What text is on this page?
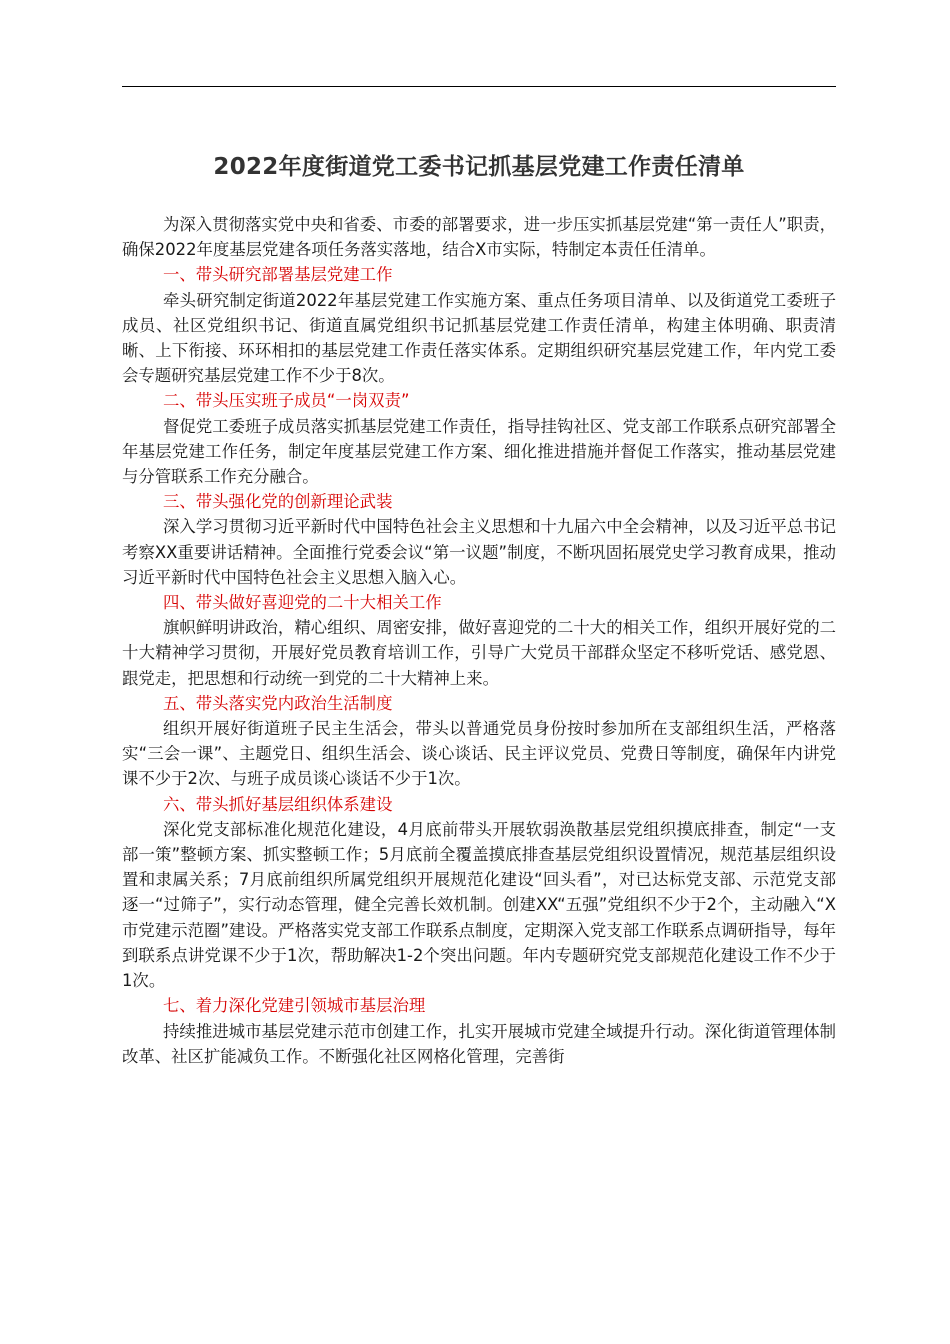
2022年度街道党工委书记抓基层党建工作责任清单

为深入贯彻落实党中央和省委、市委的部署要求，进一步压实抓基层党建“第一责任人”职责，确保2022年度基层党建各项任务落实落地，结合X市实际，特制定本责任任清单。

一、带头研究部署基层党建工作

牵头研究制定街道2022年基层党建工作实施方案、重点任务项目清单、以及街道党工委班子成员、社区党组织书记、街道直属党组织书记抓基层党建工作责任清单，构建主体明确、职责清晰、上下衔接、环环相扣的基层党建工作责任落实体系。定期组织研究基层党建工作，年内党工委会专题研究基层党建工作不少于8次。

二、带头压实班子成员“一岗双责”

督促党工委班子成员落实抓基层党建工作责任，指导挂钩社区、党支部工作联系点研究部署全年基层党建工作任务，制定年度基层党建工作方案、细化推进措施并督促工作落实，推动基层党建与分管联系工作充分融合。

三、带头强化党的创新理论武装

深入学习贯彻习近平新时代中国特色社会主义思想和十九届六中全会精神，以及习近平总书记考察XX重要讲话精神。全面推行党委会议“第一议题”制度，不断巩固拓展党史学习教育成果，推动习近平新时代中国特色社会主义思想入脑入心。

四、带头做好喜迎党的二十大相关工作

旗帜鲜明讲政治，精心组织、周密安排，做好喜迎党的二十大的相关工作，组织开展好党的二十大精神学习贯彻，开展好党员教育培训工作，引导广大党员干部群众坚定不移听党话、感党恩、跟党走，把思想和行动统一到党的二十大精神上来。

五、带头落实党内政治生活制度

组织开展好街道班子民主生活会，带头以普通党员身份按时参加所在支部组织生活，严格落实“三会一课”、主题党日、组织生活会、谈心谈话、民主评议党员、党费日等制度，确保年内讲党课不少于2次、与班子成员谈心谈话不少于1次。

六、带头抓好基层组织体系建设

深化党支部标准化规范化建设，4月底前带头开展软弱涣散基层党组织摸底排查，制定“一支部一策”整顿方案、抓实整顿工作；5月底前全覆盖摸底排查基层党组织设置情况，规范基层组织设置和隶属关系；7月底前组织所属党组织开展规范化建设“回头看”，对已达标党支部、示范党支部逐一“过筛子”，实行动态管理，健全完善长效机制。创建XX“五强”党组织不少于2个，主动融入“X市党建示范圈”建设。严格落实党支部工作联系点制度，定期深入党支部工作联系点调研指导，每年到联系点讲党课不少于1次，帮助解决1-2个突出问题。年内专题研究党支部规范化建设工作不少于1次。

七、着力深化党建引领城市基层治理

持续推进城市基层党建示范市创建工作，扎实开展城市党建全域提升行动。深化街道管理体制改革、社区扩能减负工作。不断强化社区网格化管理，完善街
